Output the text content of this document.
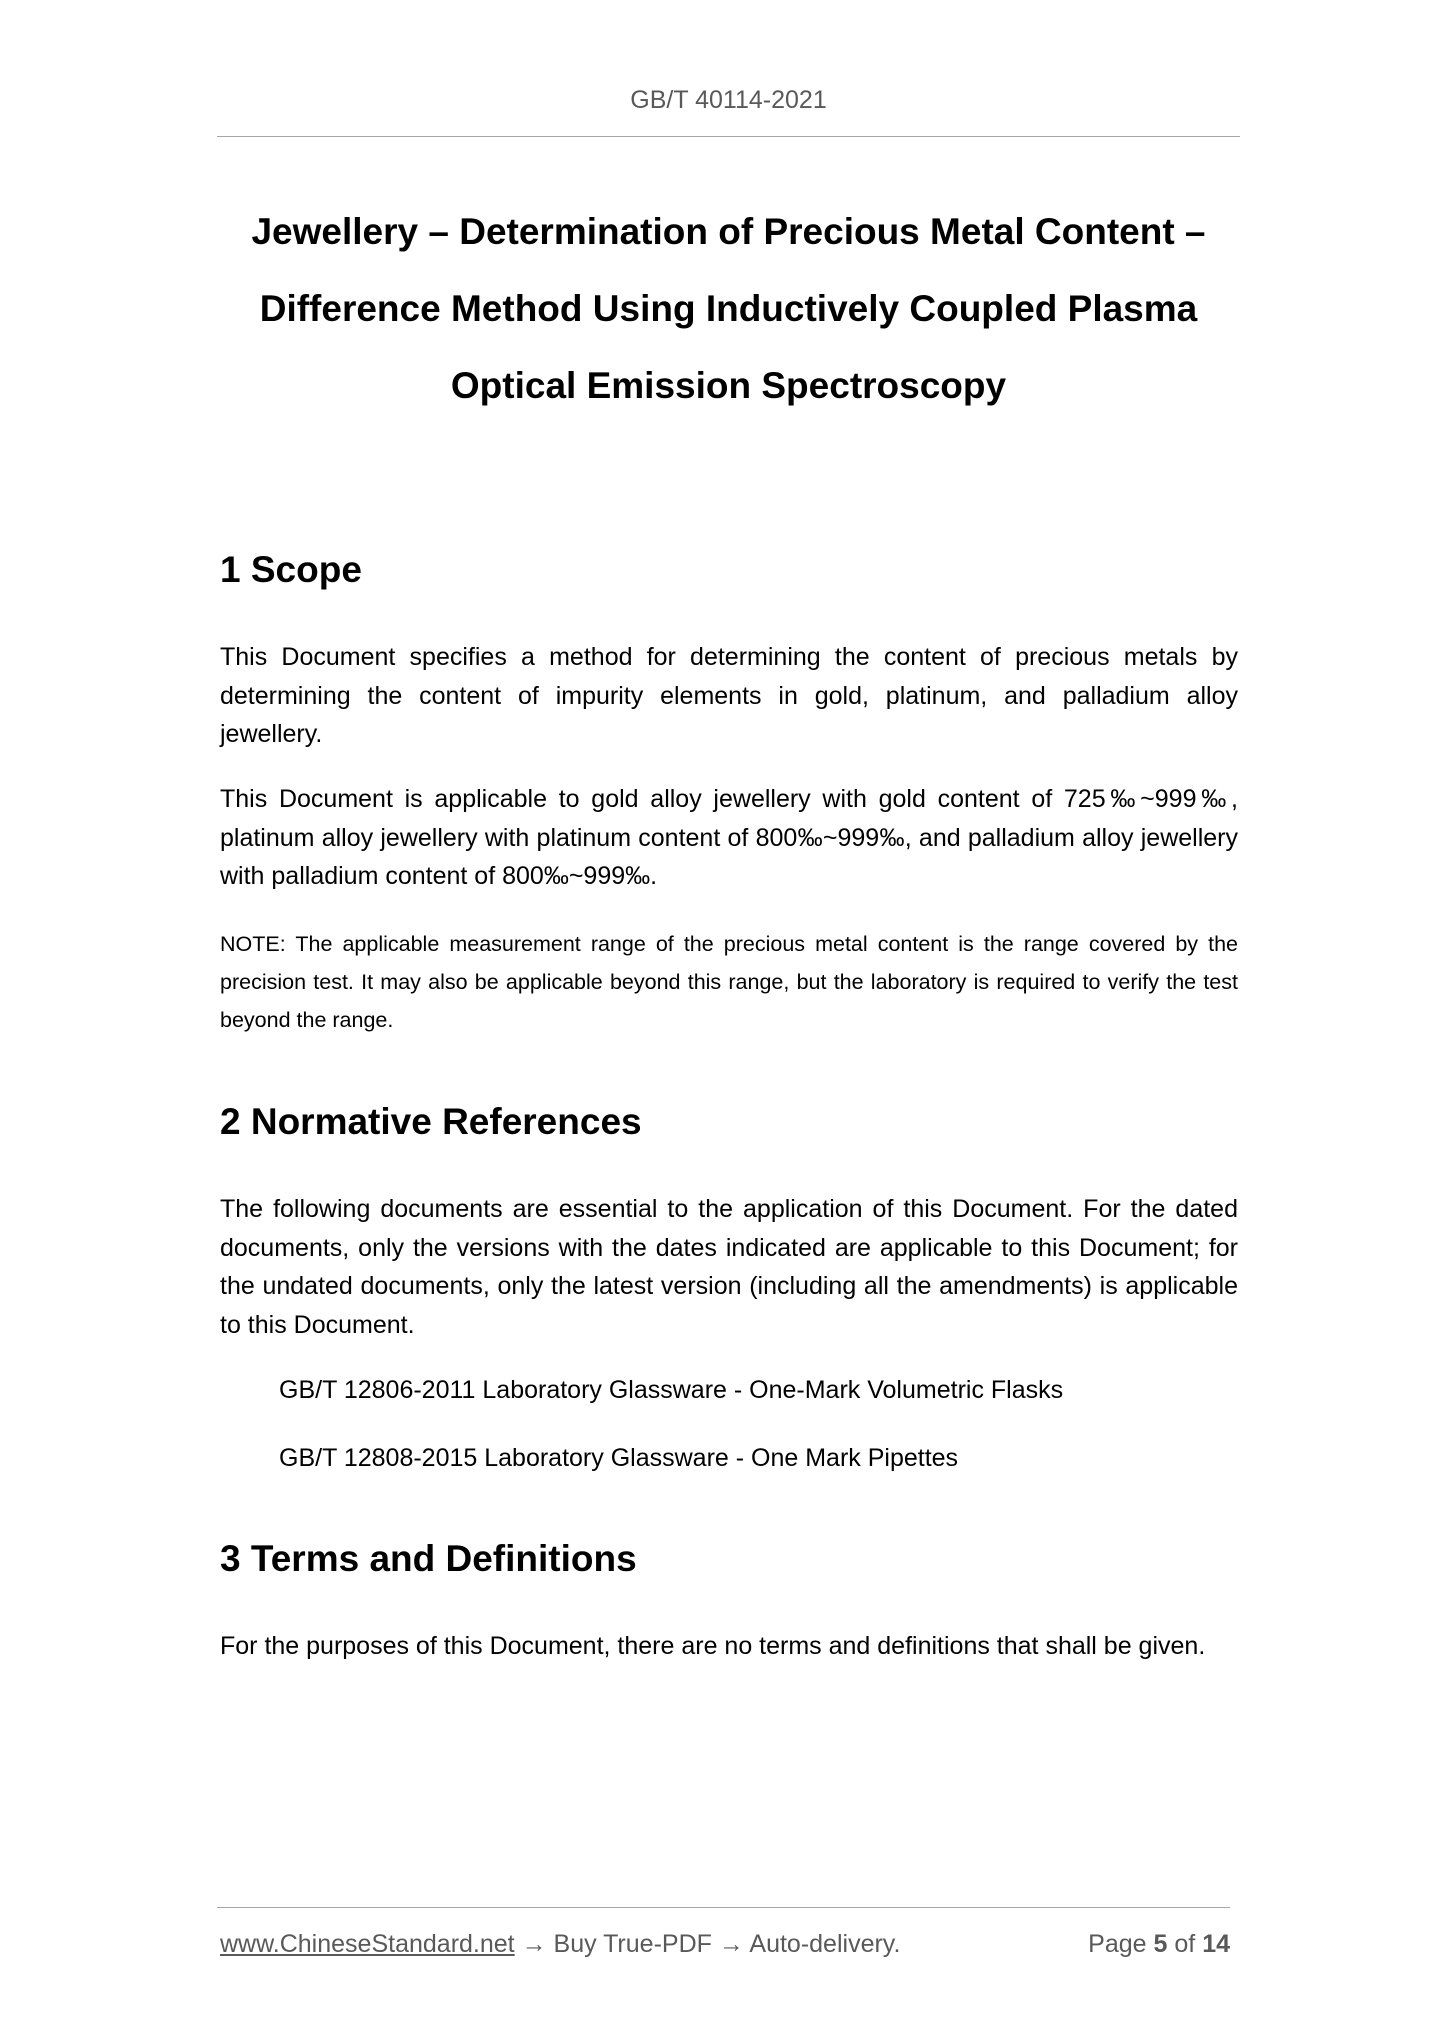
GB/T 40114-2021
Jewellery – Determination of Precious Metal Content –
Difference Method Using Inductively Coupled Plasma
Optical Emission Spectroscopy
1 Scope

This Document specifies a method for determining the content of precious metals by determining the content of impurity elements in gold, platinum, and palladium alloy jewellery.

This Document is applicable to gold alloy jewellery with gold content of 725‰~999‰, platinum alloy jewellery with platinum content of 800‰~999‰, and palladium alloy jewellery with palladium content of 800‰~999‰.

NOTE: The applicable measurement range of the precious metal content is the range covered by the precision test. It may also be applicable beyond this range, but the laboratory is required to verify the test beyond the range.

2 Normative References

The following documents are essential to the application of this Document. For the dated documents, only the versions with the dates indicated are applicable to this Document; for the undated documents, only the latest version (including all the amendments) is applicable to this Document.

GB/T 12806-2011 Laboratory Glassware - One-Mark Volumetric Flasks

GB/T 12808-2015 Laboratory Glassware - One Mark Pipettes

3 Terms and Definitions

For the purposes of this Document, there are no terms and definitions that shall be given.

www.ChineseStandard.net → Buy True-PDF → Auto-delivery.	Page 5 of 14
